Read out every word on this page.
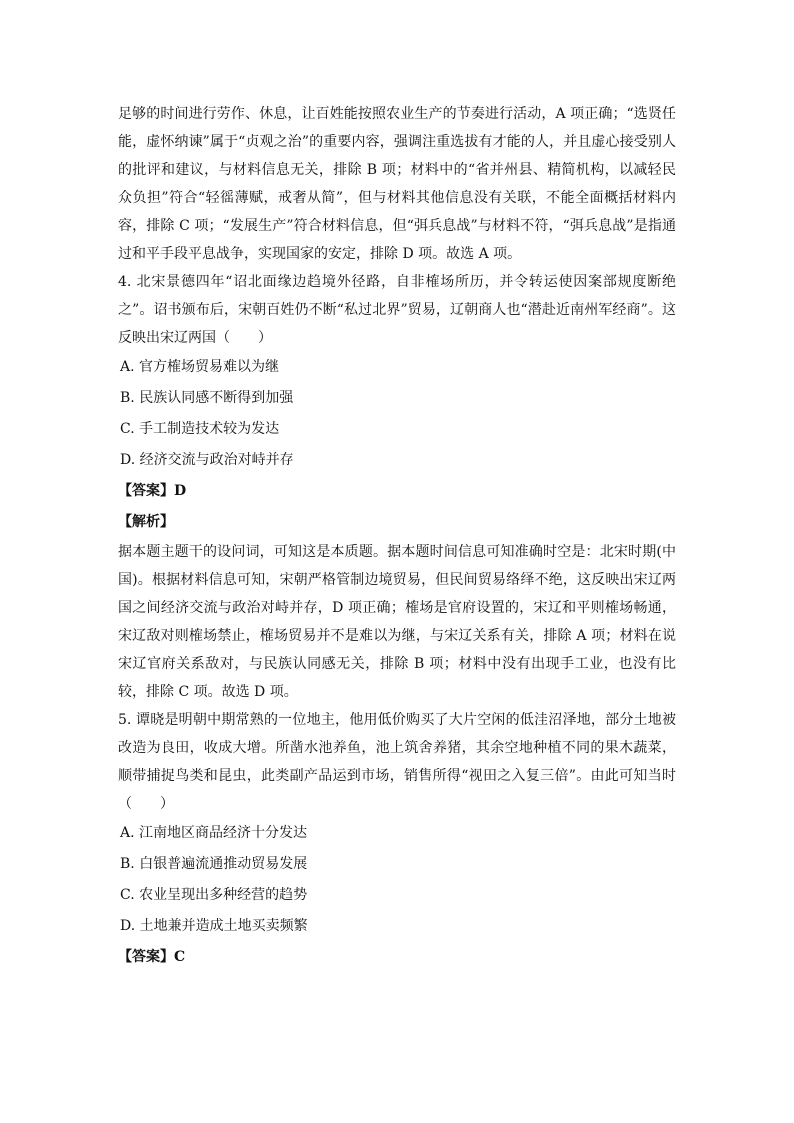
足够的时间进行劳作、休息，让百姓能按照农业生产的节奏进行活动，A 项正确；“选贤任
能，虚怀纳谏”属于“贞观之治”的重要内容，强调注重选拔有才能的人，并且虚心接受别人
的批评和建议，与材料信息无关，排除 B 项；材料中的“省并州县、精简机构，以减轻民
众负担”符合“轻徭薄赋，戒奢从简”，但与材料其他信息没有关联，不能全面概括材料内
容，排除 C 项；“发展生产”符合材料信息，但“弭兵息战”与材料不符，“弭兵息战”是指通
过和平手段平息战争，实现国家的安定，排除 D 项。故选 A 项。
4. 北宋景德四年“诏北面缘边趋境外径路，自非榷场所历，并令转运使因案部规度断绝
之”。诏书颁布后，宋朝百姓仍不断“私过北界”贸易，辽朝商人也“潜赴近南州军经商”。这
反映出宋辽两国（　　）
A. 官方榷场贸易难以为继
B. 民族认同感不断得到加强
C. 手工制造技术较为发达
D. 经济交流与政治对峙并存
【答案】D
【解析】
据本题主题干的设问词，可知这是本质题。据本题时间信息可知准确时空是：北宋时期(中
国)。根据材料信息可知，宋朝严格管制边境贸易，但民间贸易络绎不绝，这反映出宋辽两
国之间经济交流与政治对峙并存，D 项正确；榷场是官府设置的，宋辽和平则榷场畅通，
宋辽敌对则榷场禁止，榷场贸易并不是难以为继，与宋辽关系有关，排除 A 项；材料在说
宋辽官府关系敌对，与民族认同感无关，排除 B 项；材料中没有出现手工业，也没有比
较，排除 C 项。故选 D 项。
5. 谭晓是明朝中期常熟的一位地主，他用低价购买了大片空闲的低洼沼泽地，部分土地被
改造为良田，收成大增。所凿水池养鱼，池上筑舍养猪，其余空地种植不同的果木蔬菜，
顺带捕捉鸟类和昆虫，此类副产品运到市场，销售所得“视田之入复三倍”。由此可知当时
（　　）
A. 江南地区商品经济十分发达
B. 白银普遍流通推动贸易发展
C. 农业呈现出多种经营的趋势
D. 土地兼并造成土地买卖频繁
【答案】C
